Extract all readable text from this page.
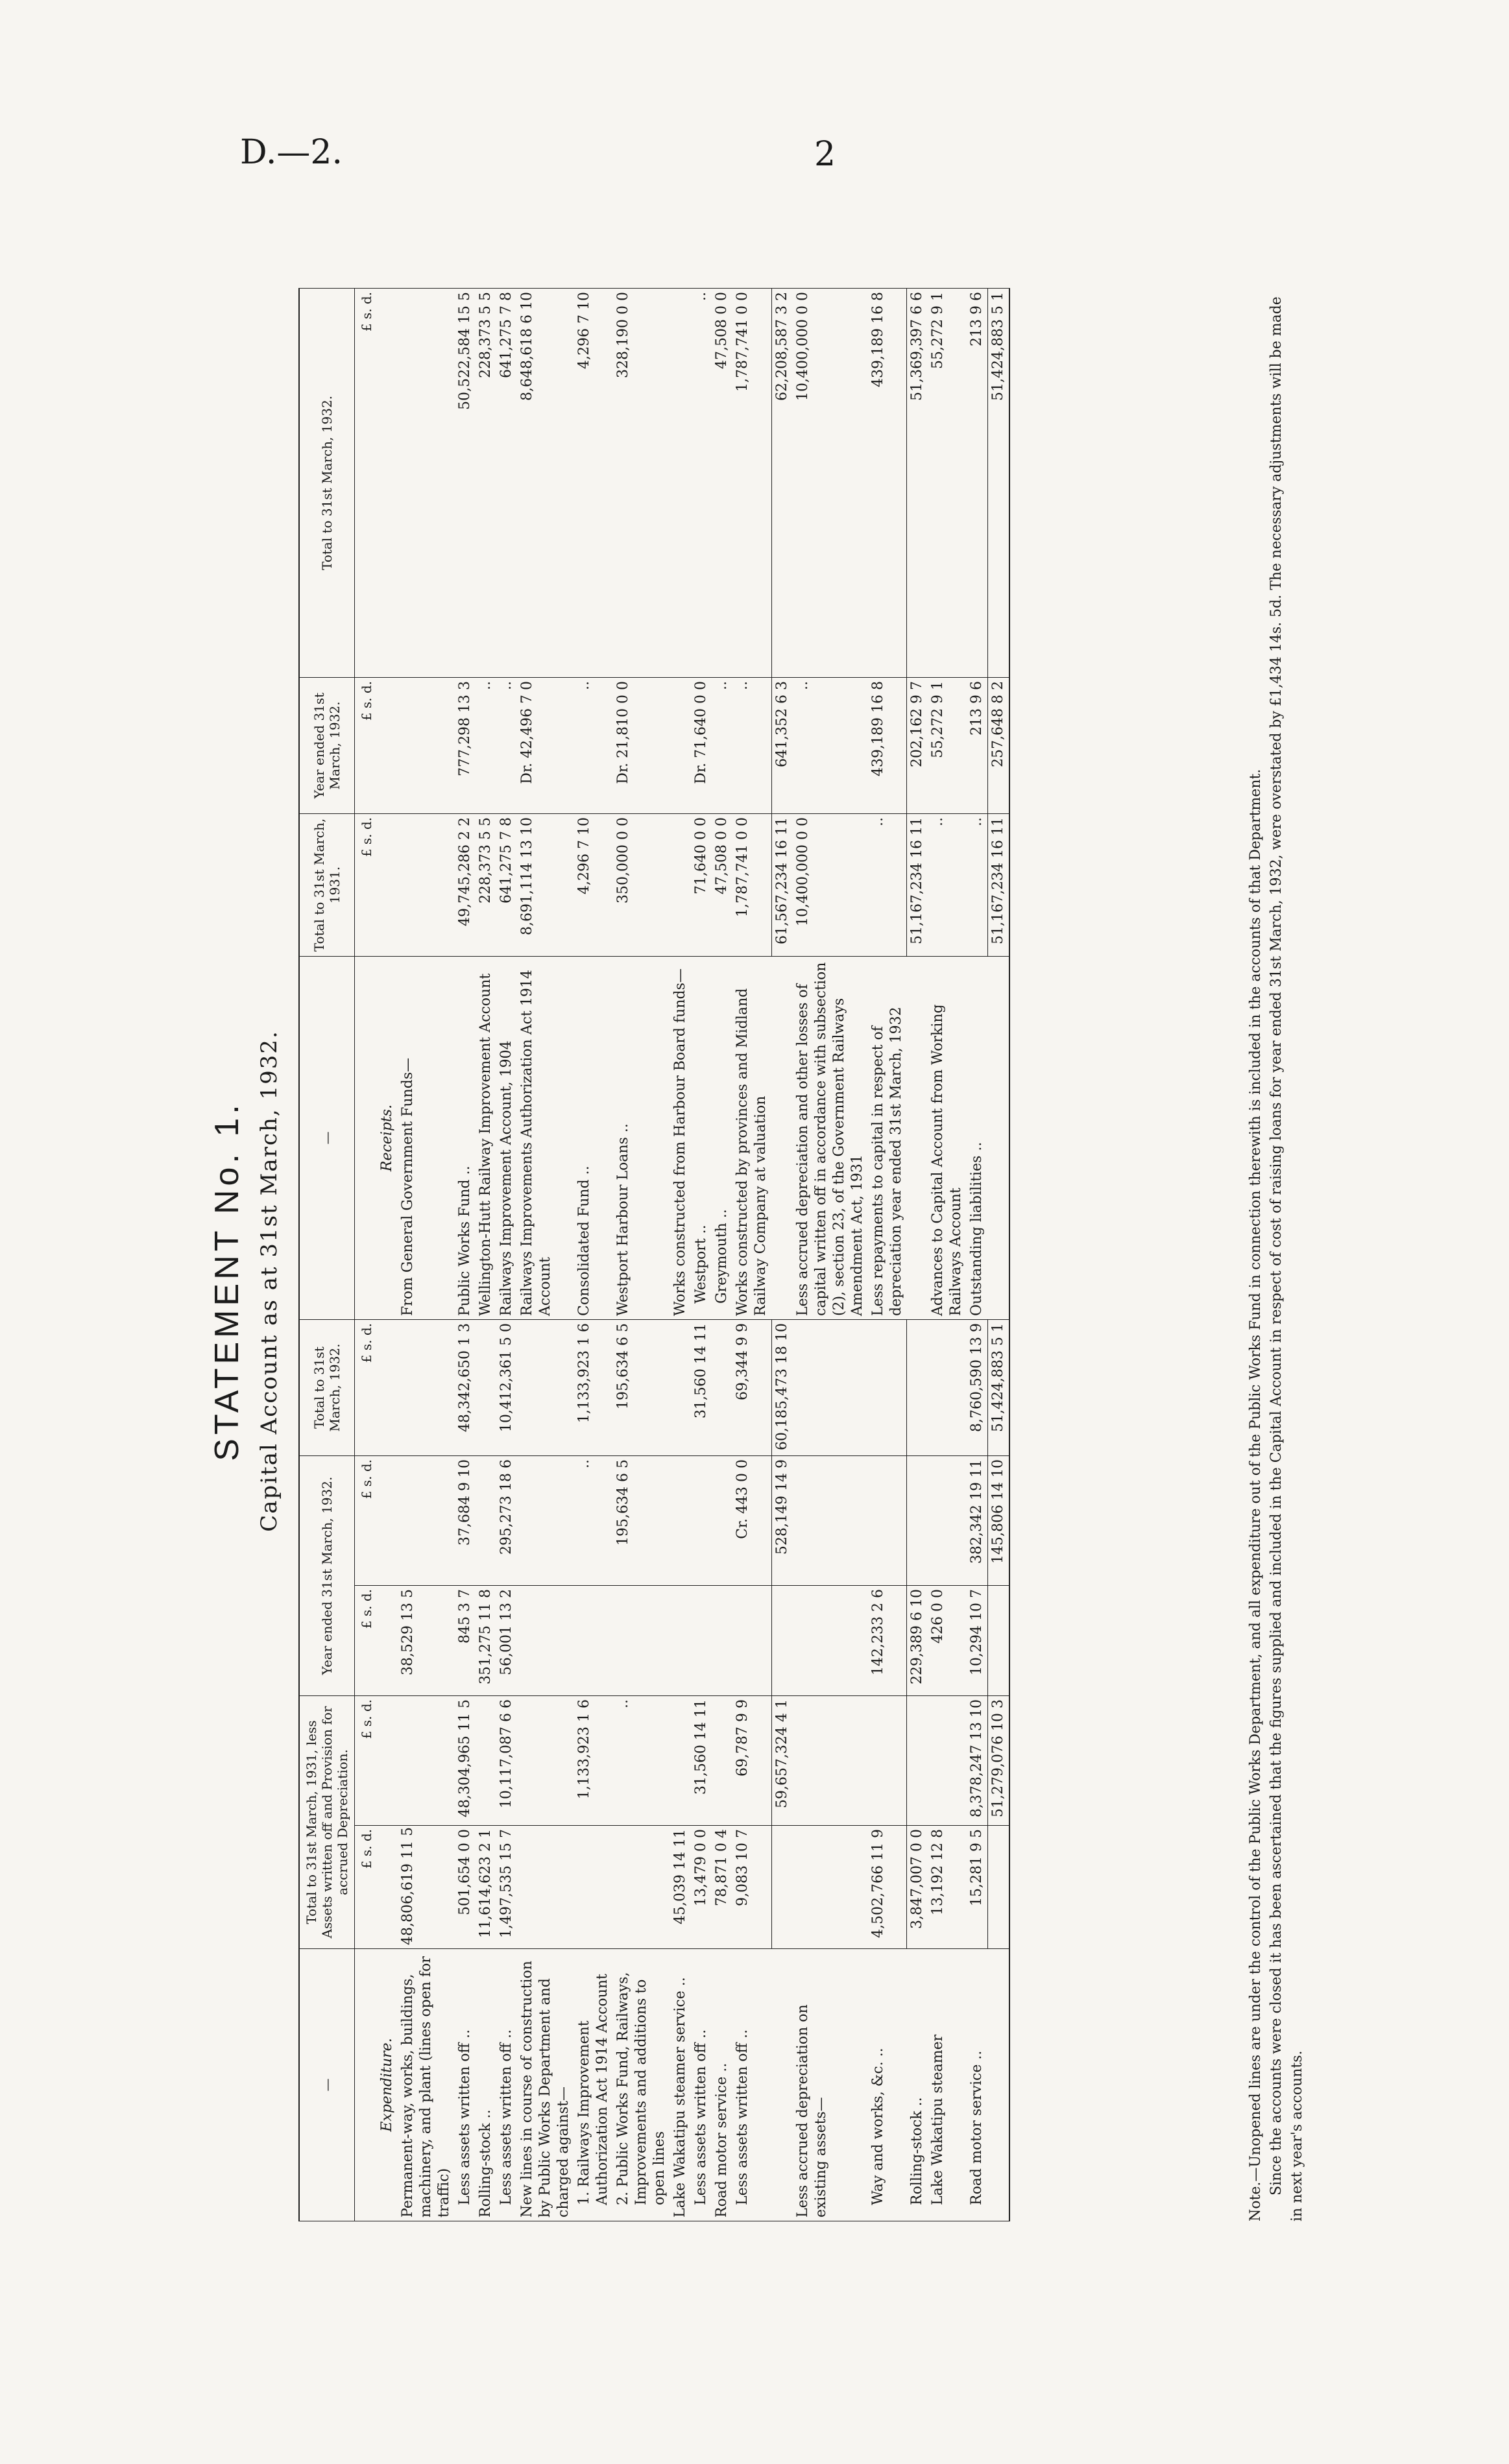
D.—2.	2
STATEMENT No. 1. Capital Account as at 31st March, 1932.
—	Total to 31st March, 1931, less Assets written off and Provision for accrued Depreciation.		Year ended 31st March, 1932.		Total to 31st March, 1932.	—	Total to 31st March, 1931.	Year ended 31st March, 1932.	Total to 31st March, 1932.
	£ s. d.	£ s. d.	£ s. d.	£ s. d.	£ s. d.		£ s. d.	£ s. d.	£ s. d.
Expenditure.						Receipts.			
Permanent-way, works, buildings, machinery, and plant (lines open for traffic)	48,806,619 11 5		38,529 13 5			From General Government Funds—			
Less assets written off ..	501,654 0 0	48,304,965 11 5	845 3 7	37,684 9 10	48,342,650 1 3	Public Works Fund ..	49,745,286 2 2	777,298 13 3	50,522,584 15 5
Rolling-stock ..	11,614,623 2 1		351,275 11 8			Wellington-Hutt Railway Improvement Account	228,373 5 5	..	228,373 5 5
Less assets written off ..	1,497,535 15 7	10,117,087 6 6	56,001 13 2	295,273 18 6	10,412,361 5 0	Railways Improvement Account, 1904	641,275 7 8	..	641,275 7 8
New lines in course of construction by Public Works Department and charged against—						Railways Improvements Authorization Act 1914 Account	8,691,114 13 10	Dr. 42,496 7 0	8,648,618 6 10
1. Railways Improvement Authorization Act 1914 Account		1,133,923 1 6		..	1,133,923 1 6	Consolidated Fund ..	4,296 7 10	..	4,296 7 10
2. Public Works Fund, Railways, Improvements and additions to open lines		..		195,634 6 5	195,634 6 5	Westport Harbour Loans ..	350,000 0 0	Dr. 21,810 0 0	328,190 0 0
Lake Wakatipu steamer service ..	45,039 14 11					Works constructed from Harbour Board funds—			
Less assets written off ..	13,479 0 0	31,560 14 11			31,560 14 11	Westport ..	71,640 0 0	Dr. 71,640 0 0	..
Road motor service ..	78,871 0 4					Greymouth ..	47,508 0 0	..	47,508 0 0
Less assets written off ..	9,083 10 7	69,787 9 9		Cr. 443 0 0	69,344 9 9	Works constructed by provinces and Midland Railway Company at valuation	1,787,741 0 0	..	1,787,741 0 0
		59,657,324 4 1		528,149 14 9	60,185,473 18 10		61,567,234 16 11	641,352 6 3	62,208,587 3 2
Less accrued depreciation on existing assets—						Less accrued depreciation and other losses of capital written off in accordance with subsection (2), section 23, of the Government Railways Amendment Act, 1931	10,400,000 0 0	..	10,400,000 0 0
Way and works, &c. ..	4,502,766 11 9		142,233 2 6			Less repayments to capital in respect of depreciation year ended 31st March, 1932	..	439,189 16 8	439,189 16 8
Rolling-stock ..	3,847,007 0 0		229,389 6 10				51,167,234 16 11	202,162 9 7	51,369,397 6 6
Lake Wakatipu steamer	13,192 12 8		426 0 0			Advances to Capital Account from Working Railways Account	..	55,272 9 1	55,272 9 1
Road motor service ..	15,281 9 5	8,378,247 13 10	10,294 10 7	382,342 19 11	8,760,590 13 9	Outstanding liabilities ..	..	213 9 6	213 9 6
		51,279,076 10 3		145,806 14 10	51,424,883 5 1		51,167,234 16 11	257,648 8 2	51,424,883 5 1

Note.—Unopened lines are under the control of the Public Works Department, and all expenditure out of the Public Works Fund in connection therewith is included in the accounts of that Department. Since the accounts were closed it has been ascertained that the figures supplied and included in the Capital Account in respect of cost of raising loans for year ended 31st March, 1932, were overstated by £1,434 14s. 5d. The necessary adjustments will be made in next year's accounts.
